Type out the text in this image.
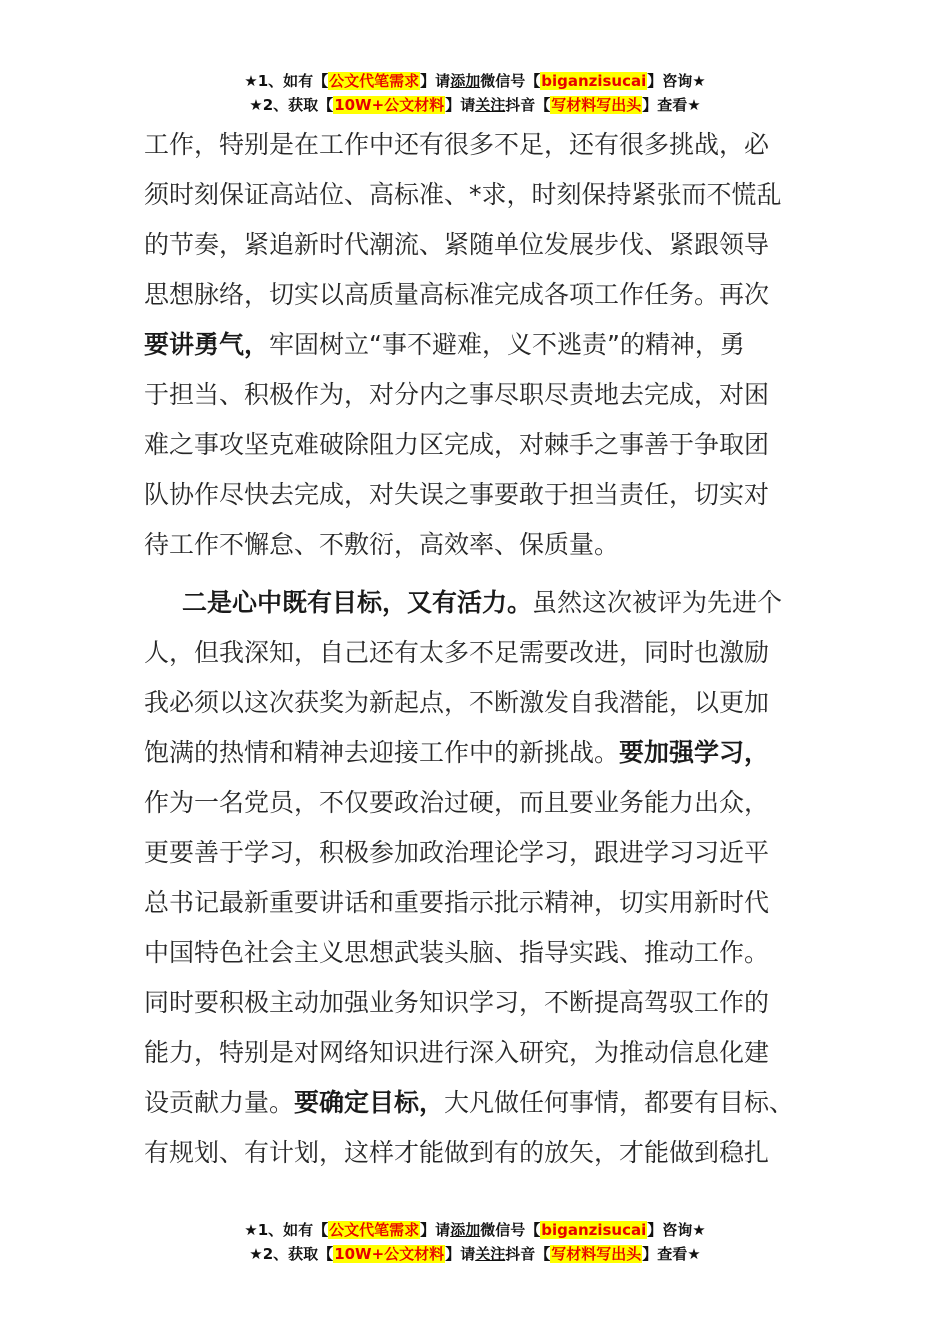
★1、如有【公文代笔需求】请添加微信号【biganzisucai】咨询★
★2、获取【10W+公文材料】请关注抖音【写材料写出头】查看★

工作，特别是在工作中还有很多不足，还有很多挑战，必

须时刻保证高站位、高标准、*求，时刻保持紧张而不慌乱

的节奏，紧追新时代潮流、紧随单位发展步伐、紧跟领导

思想脉络，切实以高质量高标准完成各项工作任务。再次

要讲勇气，牢固树立“事不避难，义不逃责”的精神，勇

于担当、积极作为，对分内之事尽职尽责地去完成，对困

难之事攻坚克难破除阻力区完成，对棘手之事善于争取团

队协作尽快去完成，对失误之事要敢于担当责任，切实对

待工作不懈怠、不敷衍，高效率、保质量。

二是心中既有目标，又有活力。虽然这次被评为先进个

人，但我深知，自己还有太多不足需要改进，同时也激励

我必须以这次获奖为新起点，不断激发自我潜能，以更加

饱满的热情和精神去迎接工作中的新挑战。要加强学习，

作为一名党员，不仅要政治过硬，而且要业务能力出众，

更要善于学习，积极参加政治理论学习，跟进学习习近平

总书记最新重要讲话和重要指示批示精神，切实用新时代

中国特色社会主义思想武装头脑、指导实践、推动工作。

同时要积极主动加强业务知识学习，不断提高驾驭工作的

能力，特别是对网络知识进行深入研究，为推动信息化建

设贡献力量。要确定目标，大凡做任何事情，都要有目标、

有规划、有计划，这样才能做到有的放矢，才能做到稳扎

★1、如有【公文代笔需求】请添加微信号【biganzisucai】咨询★
★2、获取【10W+公文材料】请关注抖音【写材料写出头】查看★
